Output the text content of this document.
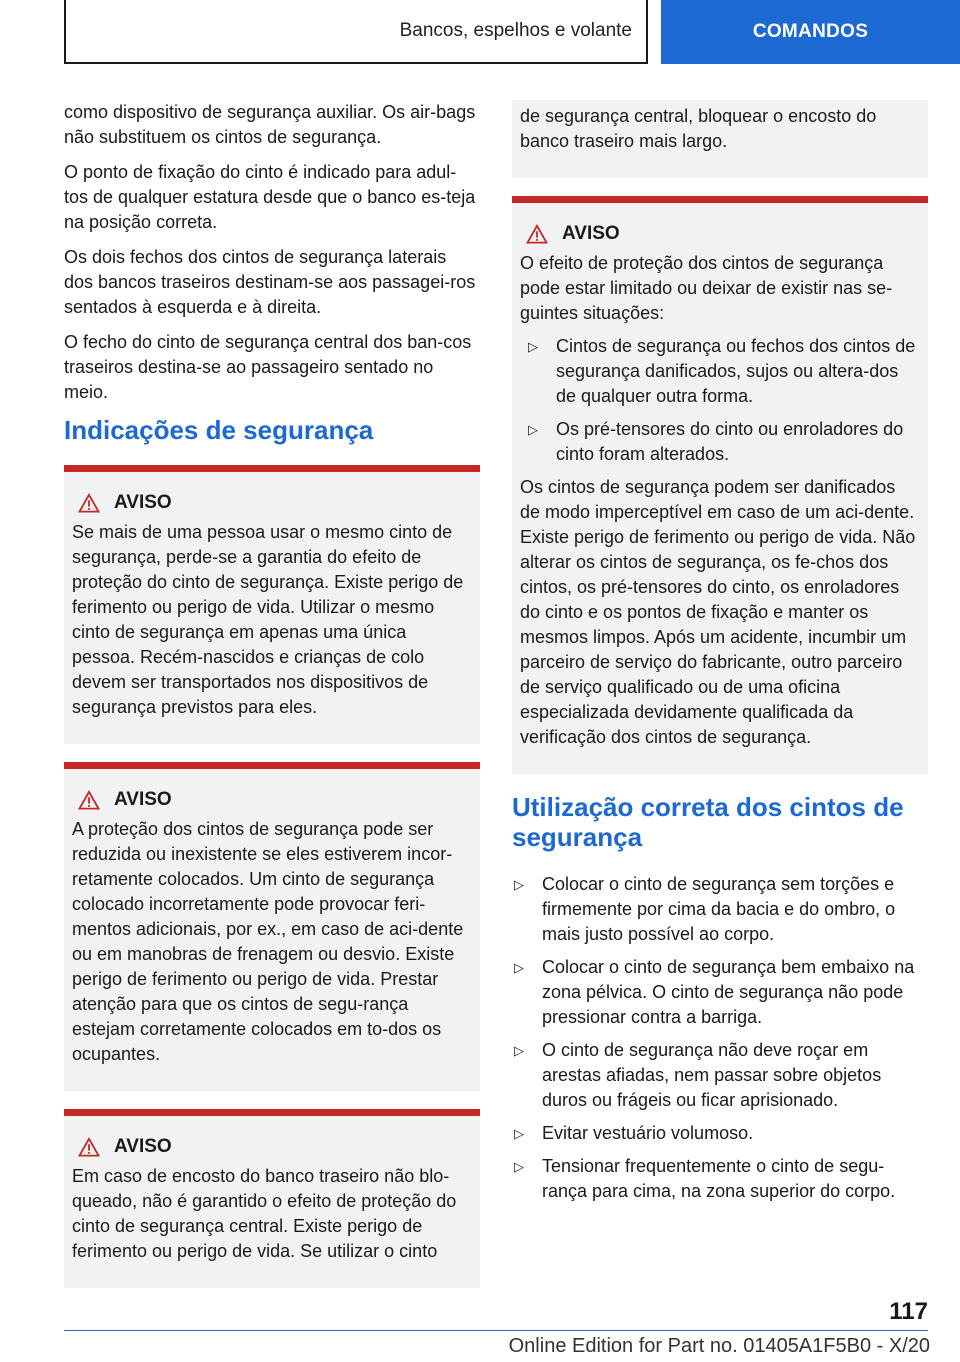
Bancos, espelhos e volante	COMANDOS

como dispositivo de segurança auxiliar. Os air-bags não substituem os cintos de segurança.

O ponto de fixação do cinto é indicado para adul-tos de qualquer estatura desde que o banco es-teja na posição correta.

Os dois fechos dos cintos de segurança laterais dos bancos traseiros destinam-se aos passagei-ros sentados à esquerda e à direita.

O fecho do cinto de segurança central dos ban-cos traseiros destina-se ao passageiro sentado no meio.

Indicações de segurança
AVISO

Se mais de uma pessoa usar o mesmo cinto de segurança, perde-se a garantia do efeito de proteção do cinto de segurança. Existe perigo de ferimento ou perigo de vida. Utilizar o mesmo cinto de segurança em apenas uma única pessoa. Recém-nascidos e crianças de colo devem ser transportados nos dispositivos de segurança previstos para eles.

AVISO

A proteção dos cintos de segurança pode ser reduzida ou inexistente se eles estiverem incor-retamente colocados. Um cinto de segurança colocado incorretamente pode provocar feri-mentos adicionais, por ex., em caso de aci-dente ou em manobras de frenagem ou desvio. Existe perigo de ferimento ou perigo de vida. Prestar atenção para que os cintos de segu-rança estejam corretamente colocados em to-dos os ocupantes.

AVISO

Em caso de encosto do banco traseiro não blo-queado, não é garantido o efeito de proteção do cinto de segurança central. Existe perigo de ferimento ou perigo de vida. Se utilizar o cinto

de segurança central, bloquear o encosto do banco traseiro mais largo.

AVISO

O efeito de proteção dos cintos de segurança pode estar limitado ou deixar de existir nas se-guintes situações:

▷ Cintos de segurança ou fechos dos cintos de segurança danificados, sujos ou altera-dos de qualquer outra forma.
▷ Os pré-tensores do cinto ou enroladores do cinto foram alterados.

Os cintos de segurança podem ser danificados de modo imperceptível em caso de um aci-dente. Existe perigo de ferimento ou perigo de vida. Não alterar os cintos de segurança, os fe-chos dos cintos, os pré-tensores do cinto, os enroladores do cinto e os pontos de fixação e manter os mesmos limpos. Após um acidente, incumbir um parceiro de serviço do fabricante, outro parceiro de serviço qualificado ou de uma oficina especializada devidamente qualificada da verificação dos cintos de segurança.

Utilização correta dos cintos de segurança
▷ Colocar o cinto de segurança sem torções e firmemente por cima da bacia e do ombro, o mais justo possível ao corpo.
▷ Colocar o cinto de segurança bem embaixo na zona pélvica. O cinto de segurança não pode pressionar contra a barriga.
▷ O cinto de segurança não deve roçar em arestas afiadas, nem passar sobre objetos duros ou frágeis ou ficar aprisionado.
▷ Evitar vestuário volumoso.
▷ Tensionar frequentemente o cinto de segu-rança para cima, na zona superior do corpo.
117
Online Edition for Part no. 01405A1F5B0 - X/20
